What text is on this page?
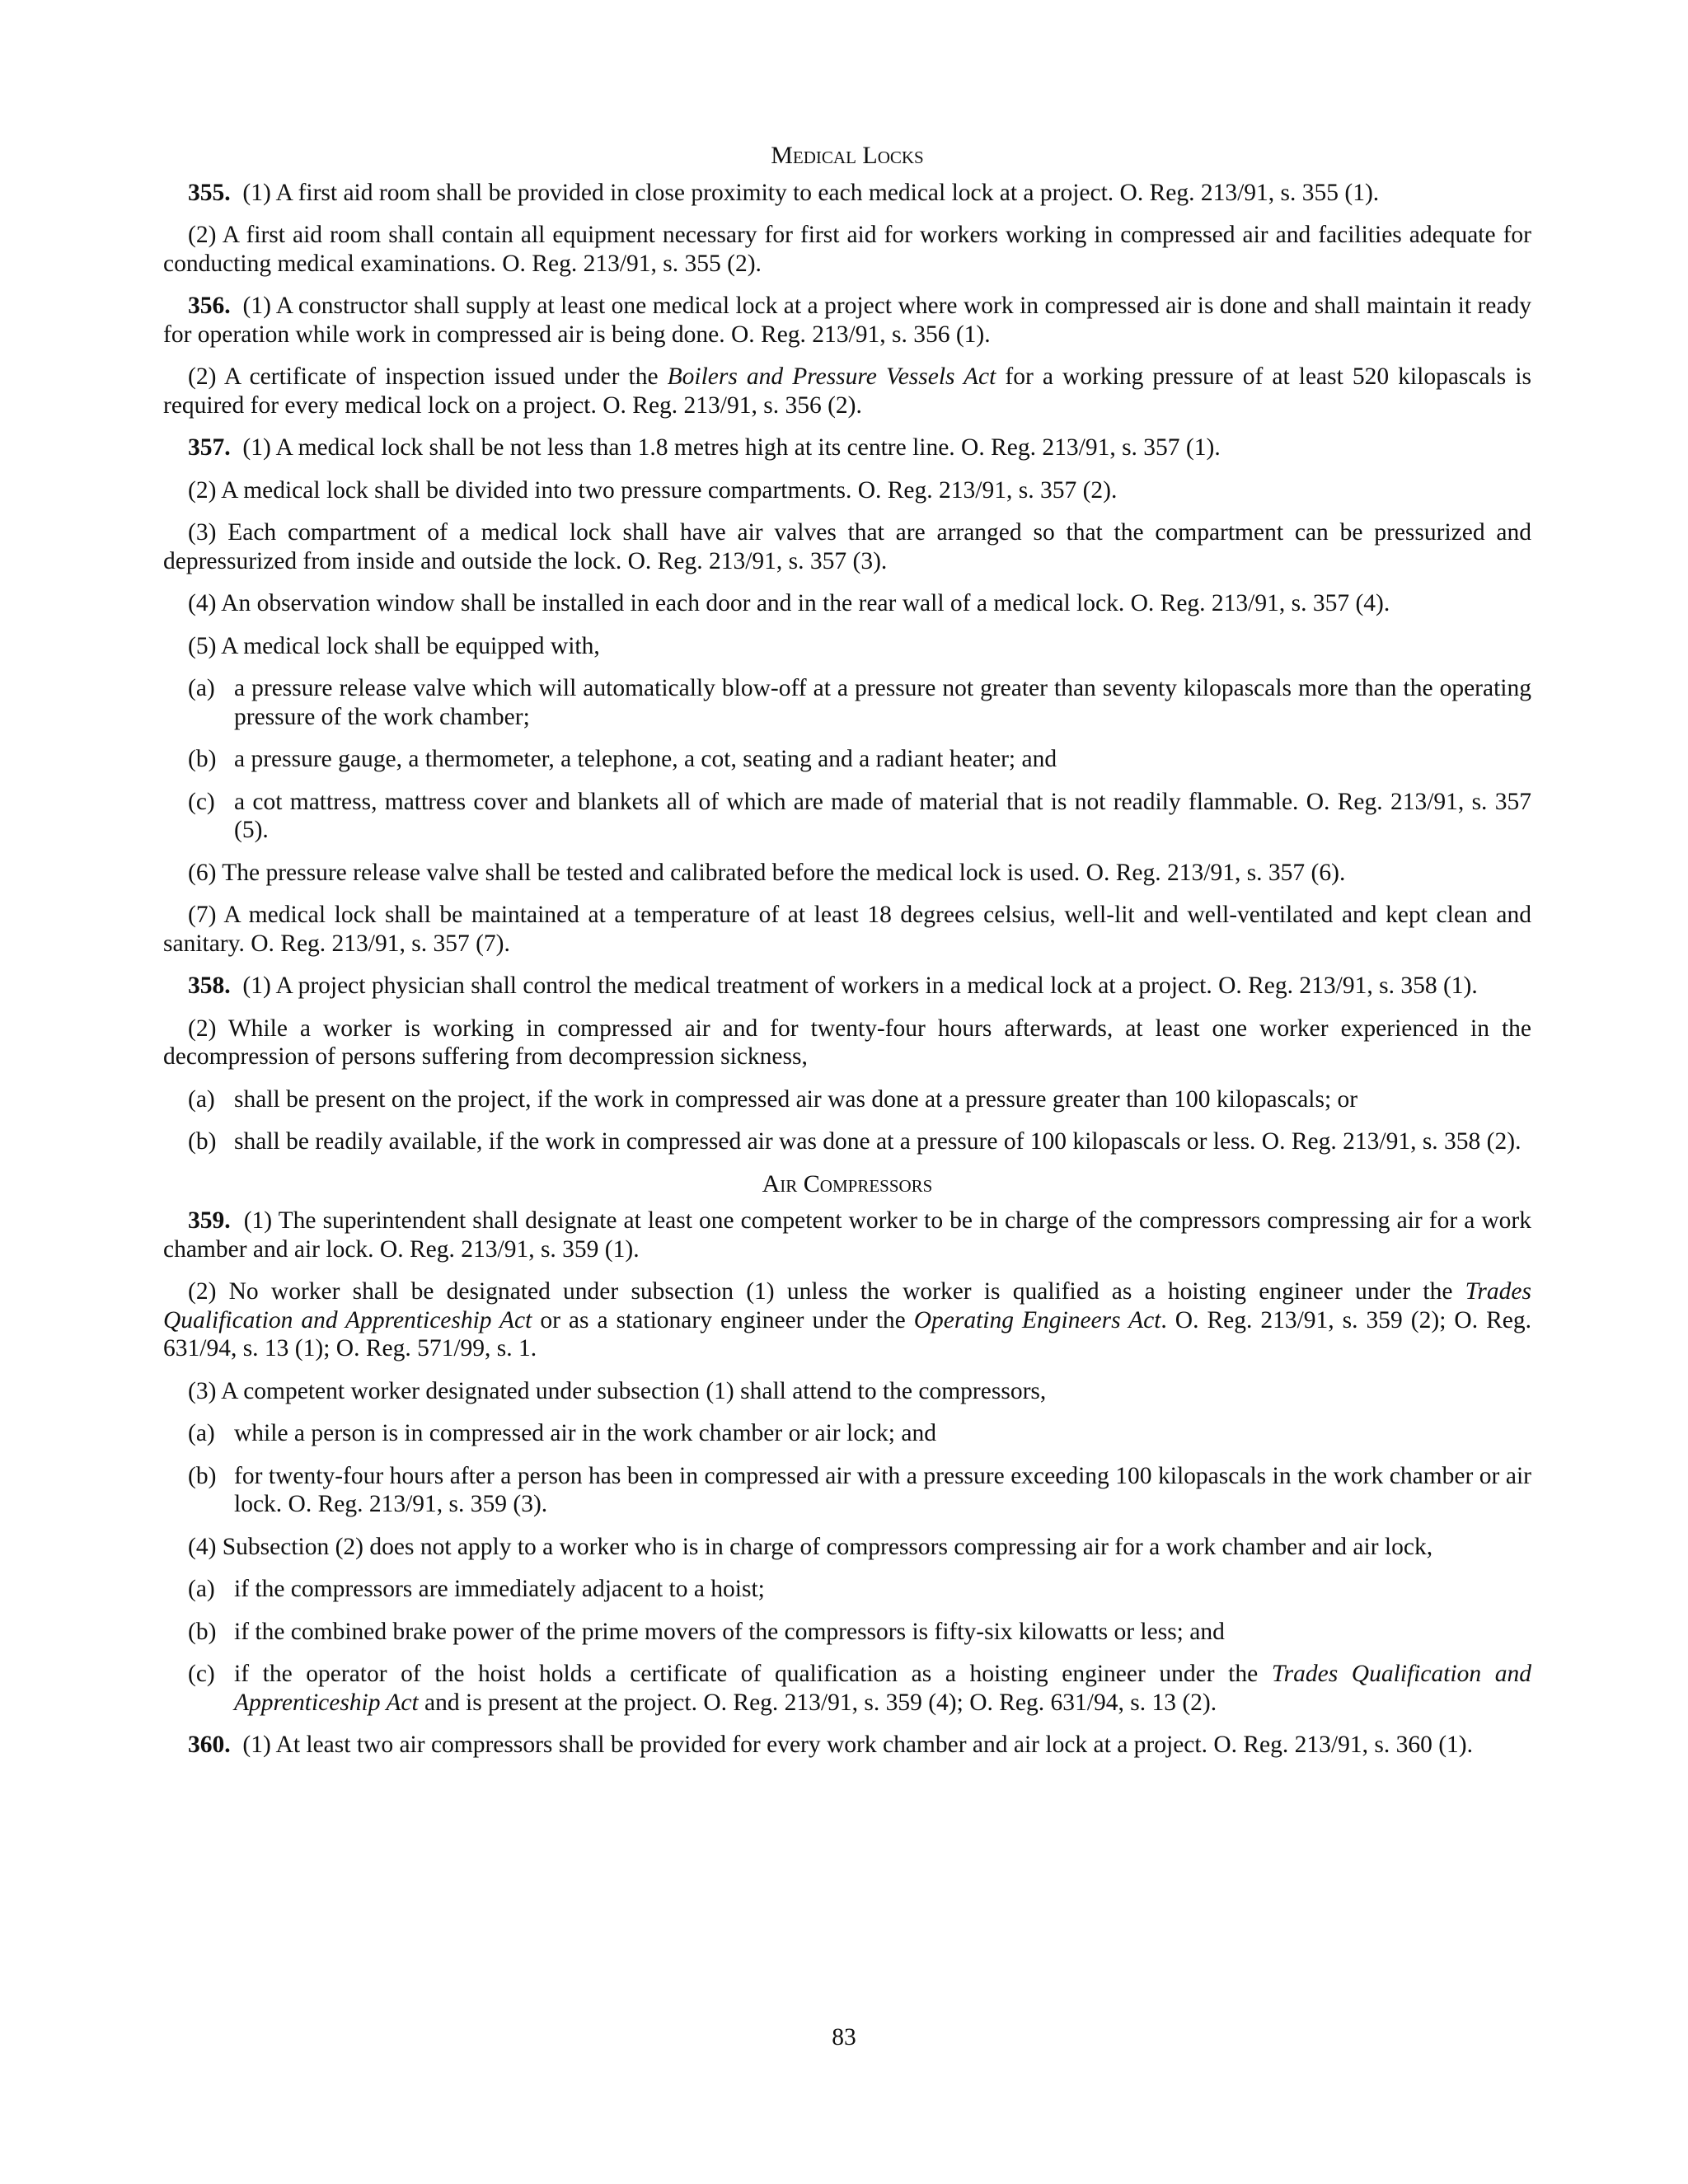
Medical Locks
355. (1) A first aid room shall be provided in close proximity to each medical lock at a project. O. Reg. 213/91, s. 355 (1).
(2) A first aid room shall contain all equipment necessary for first aid for workers working in compressed air and facilities adequate for conducting medical examinations. O. Reg. 213/91, s. 355 (2).
356. (1) A constructor shall supply at least one medical lock at a project where work in compressed air is done and shall maintain it ready for operation while work in compressed air is being done. O. Reg. 213/91, s. 356 (1).
(2) A certificate of inspection issued under the Boilers and Pressure Vessels Act for a working pressure of at least 520 kilopascals is required for every medical lock on a project. O. Reg. 213/91, s. 356 (2).
357. (1) A medical lock shall be not less than 1.8 metres high at its centre line. O. Reg. 213/91, s. 357 (1).
(2) A medical lock shall be divided into two pressure compartments. O. Reg. 213/91, s. 357 (2).
(3) Each compartment of a medical lock shall have air valves that are arranged so that the compartment can be pressurized and depressurized from inside and outside the lock. O. Reg. 213/91, s. 357 (3).
(4) An observation window shall be installed in each door and in the rear wall of a medical lock. O. Reg. 213/91, s. 357 (4).
(5) A medical lock shall be equipped with,
(a) a pressure release valve which will automatically blow-off at a pressure not greater than seventy kilopascals more than the operating pressure of the work chamber;
(b) a pressure gauge, a thermometer, a telephone, a cot, seating and a radiant heater; and
(c) a cot mattress, mattress cover and blankets all of which are made of material that is not readily flammable. O. Reg. 213/91, s. 357 (5).
(6) The pressure release valve shall be tested and calibrated before the medical lock is used. O. Reg. 213/91, s. 357 (6).
(7) A medical lock shall be maintained at a temperature of at least 18 degrees celsius, well-lit and well-ventilated and kept clean and sanitary. O. Reg. 213/91, s. 357 (7).
358. (1) A project physician shall control the medical treatment of workers in a medical lock at a project. O. Reg. 213/91, s. 358 (1).
(2) While a worker is working in compressed air and for twenty-four hours afterwards, at least one worker experienced in the decompression of persons suffering from decompression sickness,
(a) shall be present on the project, if the work in compressed air was done at a pressure greater than 100 kilopascals; or
(b) shall be readily available, if the work in compressed air was done at a pressure of 100 kilopascals or less. O. Reg. 213/91, s. 358 (2).
Air Compressors
359. (1) The superintendent shall designate at least one competent worker to be in charge of the compressors compressing air for a work chamber and air lock. O. Reg. 213/91, s. 359 (1).
(2) No worker shall be designated under subsection (1) unless the worker is qualified as a hoisting engineer under the Trades Qualification and Apprenticeship Act or as a stationary engineer under the Operating Engineers Act. O. Reg. 213/91, s. 359 (2); O. Reg. 631/94, s. 13 (1); O. Reg. 571/99, s. 1.
(3) A competent worker designated under subsection (1) shall attend to the compressors,
(a) while a person is in compressed air in the work chamber or air lock; and
(b) for twenty-four hours after a person has been in compressed air with a pressure exceeding 100 kilopascals in the work chamber or air lock. O. Reg. 213/91, s. 359 (3).
(4) Subsection (2) does not apply to a worker who is in charge of compressors compressing air for a work chamber and air lock,
(a) if the compressors are immediately adjacent to a hoist;
(b) if the combined brake power of the prime movers of the compressors is fifty-six kilowatts or less; and
(c) if the operator of the hoist holds a certificate of qualification as a hoisting engineer under the Trades Qualification and Apprenticeship Act and is present at the project. O. Reg. 213/91, s. 359 (4); O. Reg. 631/94, s. 13 (2).
360. (1) At least two air compressors shall be provided for every work chamber and air lock at a project. O. Reg. 213/91, s. 360 (1).
83
